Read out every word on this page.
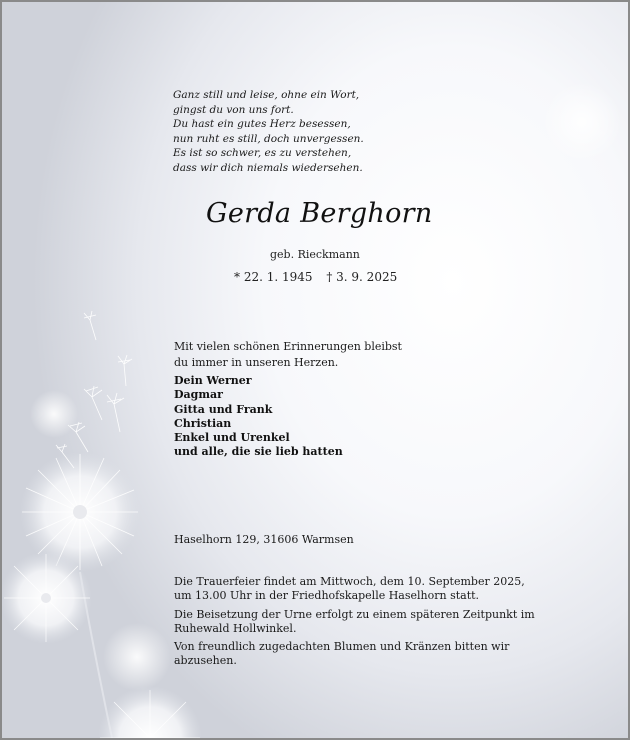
Ganz still und leise, ohne ein Wort,
gingst du von uns fort.
Du hast ein gutes Herz besessen,
nun ruht es still, doch unvergessen.
Es ist so schwer, es zu verstehen,
dass wir dich niemals wiedersehen.
Gerda Berghorn
geb. Rieckmann
* 22. 1. 1945 † 3. 9. 2025
Mit vielen schönen Erinnerungen bleibst
du immer in unseren Herzen.
Dein Werner
Dagmar
Gitta und Frank
Christian
Enkel und Urenkel
und alle, die sie lieb hatten
Haselhorn 129, 31606 Warmsen

Die Trauerfeier findet am Mittwoch, dem 10. September 2025,
um 13.00 Uhr in der Friedhofskapelle Haselhorn statt.

Die Beisetzung der Urne erfolgt zu einem späteren Zeitpunkt im
Ruhewald Hollwinkel.

Von freundlich zugedachten Blumen und Kränzen bitten wir
abzusehen.
